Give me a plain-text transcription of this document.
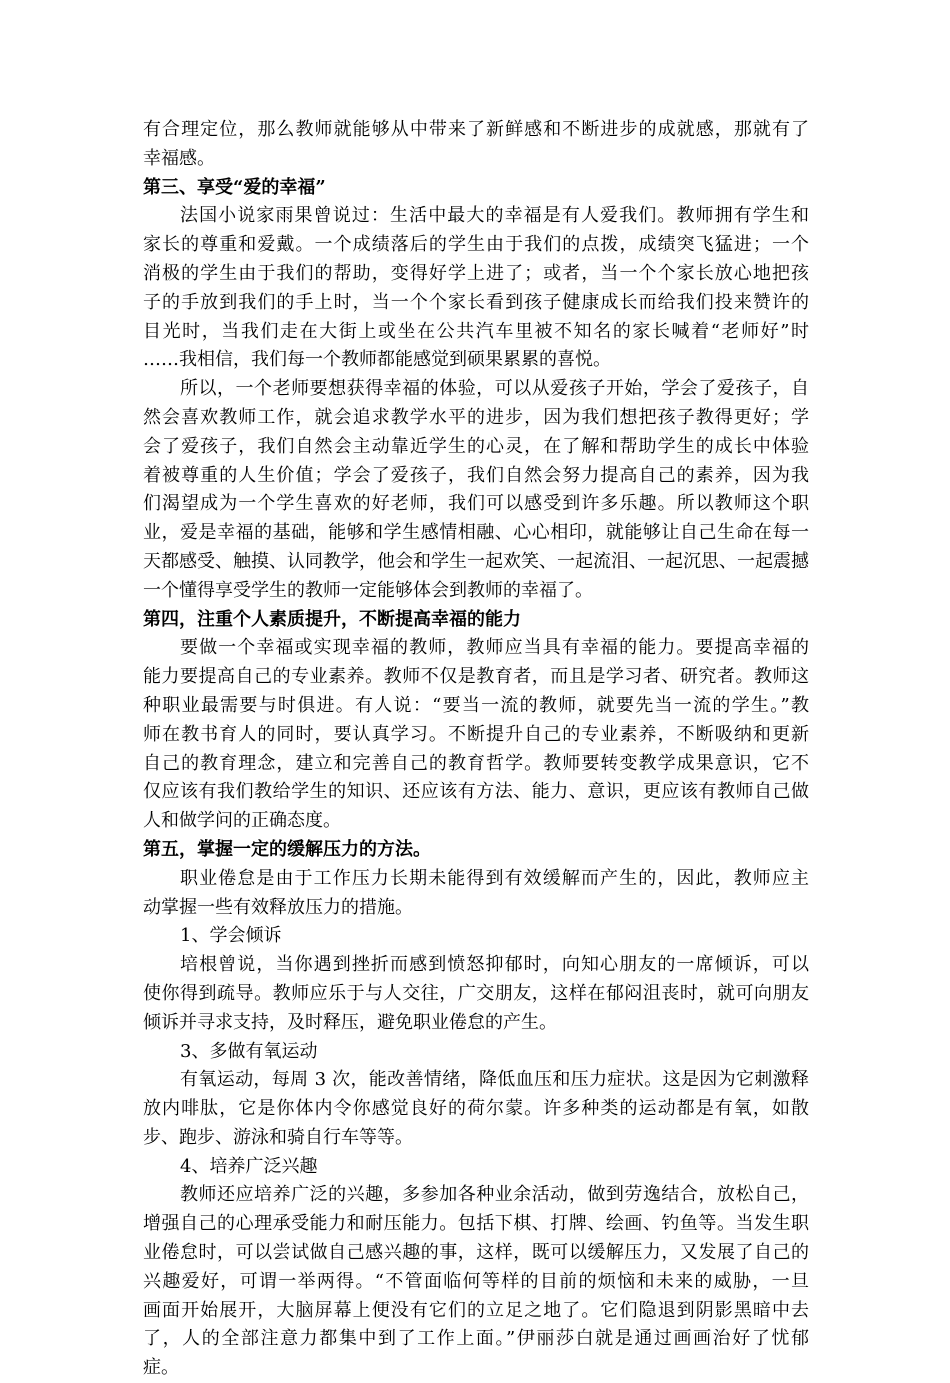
有合理定位，那么教师就能够从中带来了新鲜感和不断进步的成就感，那就有了
幸福感。
第三、享受“爱的幸福”
法国小说家雨果曾说过：生活中最大的幸福是有人爱我们。教师拥有学生和
家长的尊重和爱戴。一个成绩落后的学生由于我们的点拨，成绩突飞猛进；一个
消极的学生由于我们的帮助，变得好学上进了；或者，当一个个家长放心地把孩
子的手放到我们的手上时，当一个个家长看到孩子健康成长而给我们投来赞许的
目光时，当我们走在大街上或坐在公共汽车里被不知名的家长喊着“老师好”时
……我相信，我们每一个教师都能感觉到硕果累累的喜悦。
所以，一个老师要想获得幸福的体验，可以从爱孩子开始，学会了爱孩子，自
然会喜欢教师工作，就会追求教学水平的进步，因为我们想把孩子教得更好；学
会了爱孩子，我们自然会主动靠近学生的心灵，在了解和帮助学生的成长中体验
着被尊重的人生价值；学会了爱孩子，我们自然会努力提高自己的素养，因为我
们渴望成为一个学生喜欢的好老师，我们可以感受到许多乐趣。所以教师这个职
业，爱是幸福的基础，能够和学生感情相融、心心相印，就能够让自己生命在每一
天都感受、触摸、认同教学，他会和学生一起欢笑、一起流泪、一起沉思、一起震撼
一个懂得享受学生的教师一定能够体会到教师的幸福了。
第四，注重个人素质提升，不断提高幸福的能力
要做一个幸福或实现幸福的教师，教师应当具有幸福的能力。要提高幸福的
能力要提高自己的专业素养。教师不仅是教育者，而且是学习者、研究者。教师这
种职业最需要与时俱进。有人说：“要当一流的教师，就要先当一流的学生。”教
师在教书育人的同时，要认真学习。不断提升自己的专业素养，不断吸纳和更新
自己的教育理念，建立和完善自己的教育哲学。教师要转变教学成果意识，它不
仅应该有我们教给学生的知识、还应该有方法、能力、意识，更应该有教师自己做
人和做学问的正确态度。
第五，掌握一定的缓解压力的方法。
职业倦怠是由于工作压力长期未能得到有效缓解而产生的，因此，教师应主
动掌握一些有效释放压力的措施。
1、学会倾诉
培根曾说，当你遇到挫折而感到愤怒抑郁时，向知心朋友的一席倾诉，可以
使你得到疏导。教师应乐于与人交往，广交朋友，这样在郁闷沮丧时，就可向朋友
倾诉并寻求支持，及时释压，避免职业倦怠的产生。
3、多做有氧运动
有氧运动，每周 3 次，能改善情绪，降低血压和压力症状。这是因为它刺激释
放内啡肽，它是你体内令你感觉良好的荷尔蒙。许多种类的运动都是有氧，如散
步、跑步、游泳和骑自行车等等。
4、培养广泛兴趣
教师还应培养广泛的兴趣，多参加各种业余活动，做到劳逸结合，放松自己，
增强自己的心理承受能力和耐压能力。包括下棋、打牌、绘画、钓鱼等。当发生职
业倦怠时，可以尝试做自己感兴趣的事，这样，既可以缓解压力，又发展了自己的
兴趣爱好，可谓一举两得。“不管面临何等样的目前的烦恼和未来的威胁，一旦
画面开始展开，大脑屏幕上便没有它们的立足之地了。它们隐退到阴影黑暗中去
了，人的全部注意力都集中到了工作上面。”伊丽莎白就是通过画画治好了忧郁
症。
